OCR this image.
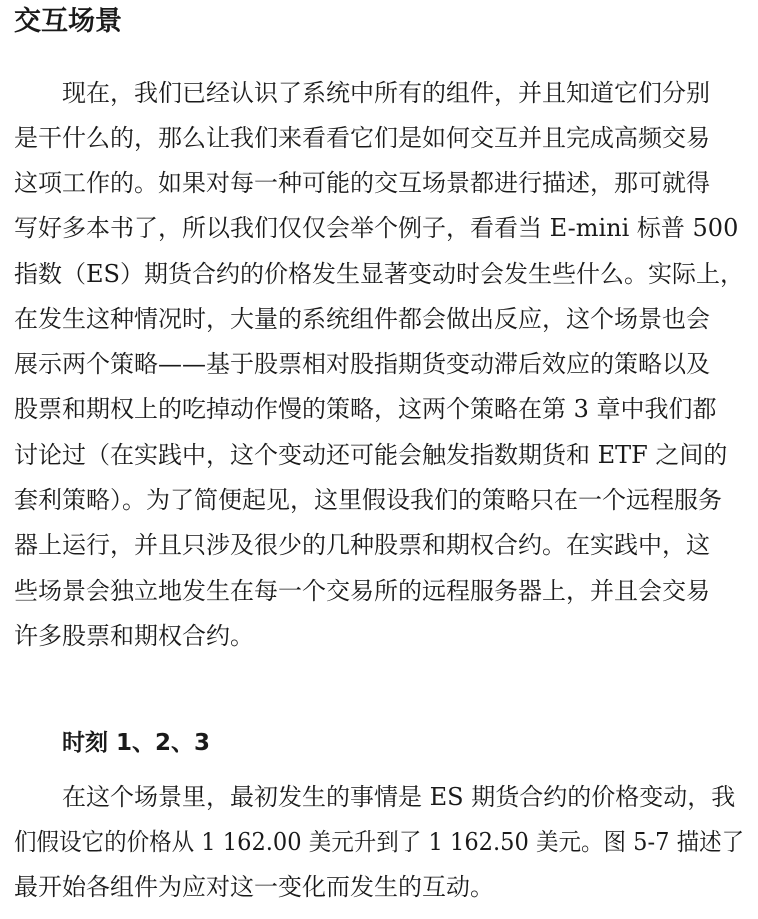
交互场景

现在，我们已经认识了系统中所有的组件，并且知道它们分别

是干什么的，那么让我们来看看它们是如何交互并且完成高频交易

这项工作的。如果对每一种可能的交互场景都进行描述，那可就得

写好多本书了，所以我们仅仅会举个例子，看看当 E-mini 标普 500

指数（ES）期货合约的价格发生显著变动时会发生些什么。实际上，

在发生这种情况时，大量的系统组件都会做出反应，这个场景也会

展示两个策略——基于股票相对股指期货变动滞后效应的策略以及

股票和期权上的吃掉动作慢的策略，这两个策略在第 3 章中我们都

讨论过（在实践中，这个变动还可能会触发指数期货和 ETF 之间的

套利策略）。为了简便起见，这里假设我们的策略只在一个远程服务

器上运行，并且只涉及很少的几种股票和期权合约。在实践中，这

些场景会独立地发生在每一个交易所的远程服务器上，并且会交易

许多股票和期权合约。

时刻 1、2、3

在这个场景里，最初发生的事情是 ES 期货合约的价格变动，我

们假设它的价格从 1 162.00 美元升到了 1 162.50 美元。图 5-7 描述了

最开始各组件为应对这一变化而发生的互动。
